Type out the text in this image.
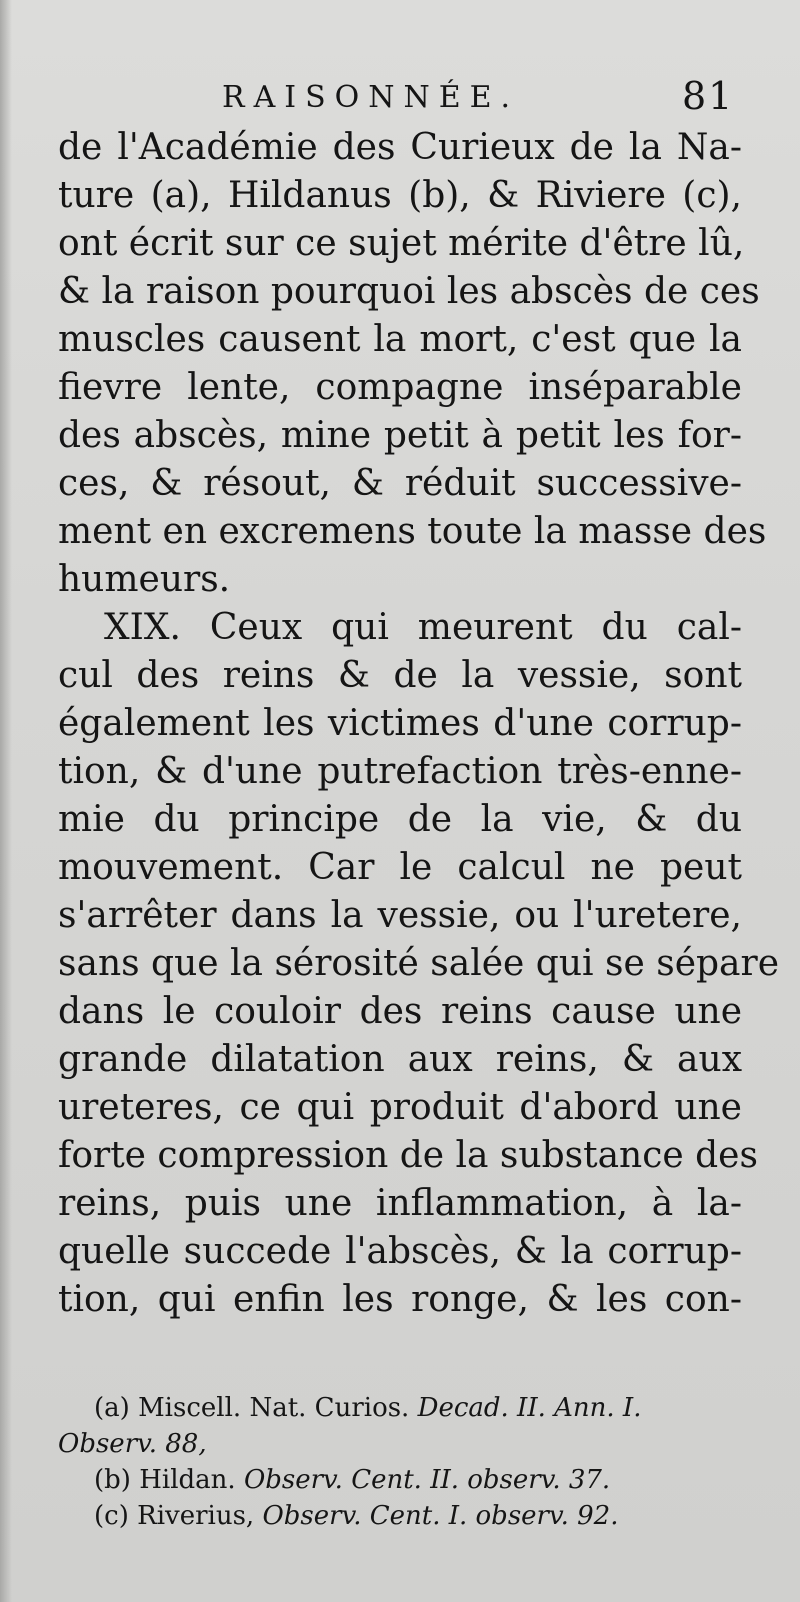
RAISONNÉE.	81
de l'Académie des Curieux de la Na-
ture (a), Hildanus (b), & Riviere (c),
ont écrit sur ce sujet mérite d'être lû,
& la raison pourquoi les abscès de ces
muscles causent la mort, c'est que la
fievre lente, compagne inséparable
des abscès, mine petit à petit les for-
ces, & résout, & réduit successive-
ment en excremens toute la masse des
humeurs.
XIX. Ceux qui meurent du cal-
cul des reins & de la vessie, sont
également les victimes d'une corrup-
tion, & d'une putrefaction très-enne-
mie du principe de la vie, & du
mouvement. Car le calcul ne peut
s'arrêter dans la vessie, ou l'uretere,
sans que la sérosité salée qui se sépare
dans le couloir des reins cause une
grande dilatation aux reins, & aux
ureteres, ce qui produit d'abord une
forte compression de la substance des
reins, puis une inflammation, à la-
quelle succede l'abscès, & la corrup-
tion, qui enfin les ronge, & les con-
(a) Miscell. Nat. Curios. Decad. II. Ann. I.
Observ. 88,
(b) Hildan. Observ. Cent. II. observ. 37.
(c) Riverius, Observ. Cent. I. observ. 92.
